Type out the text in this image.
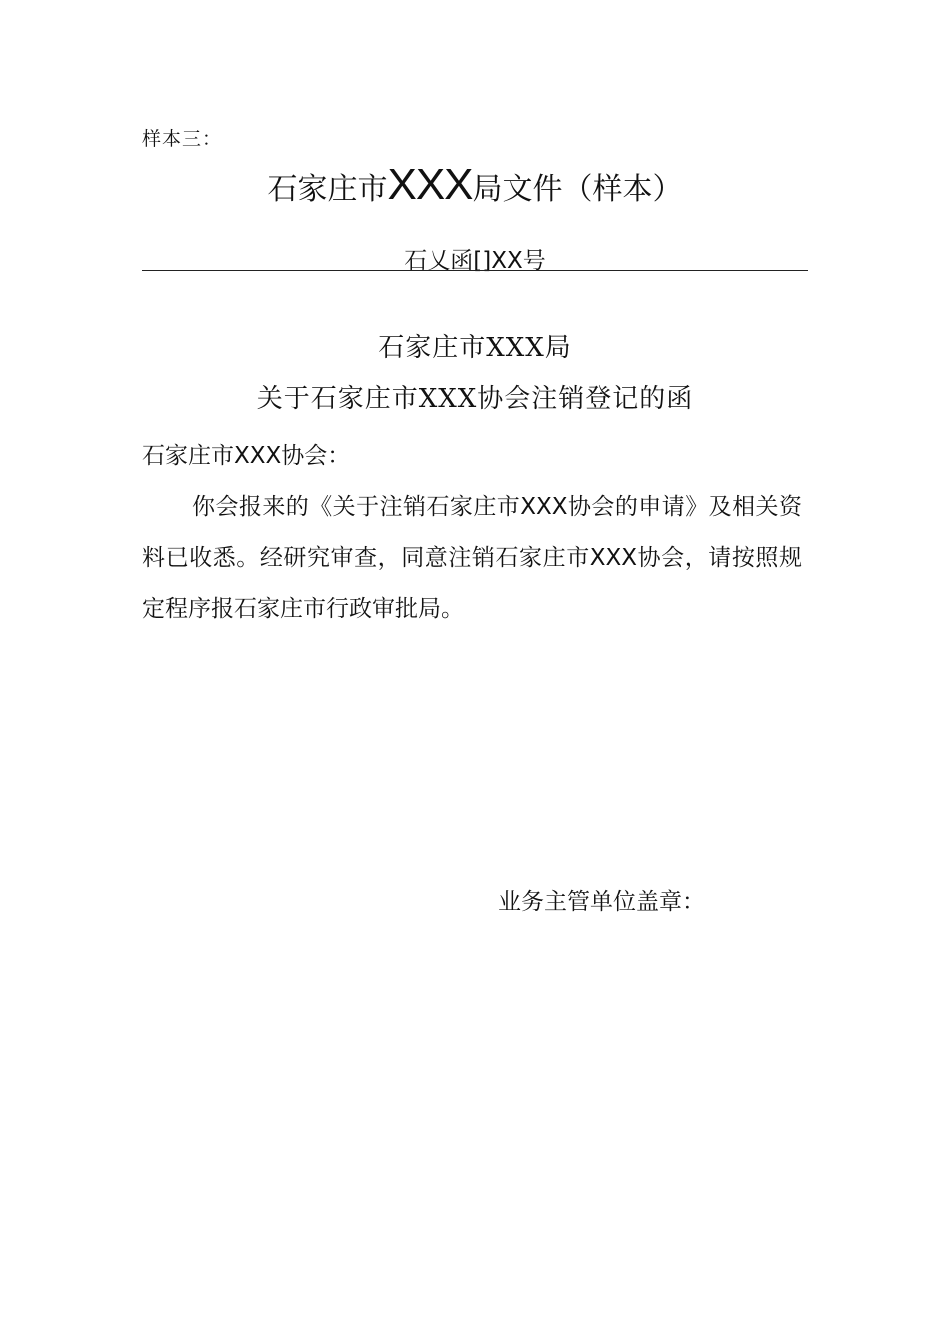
样本三：
石家庄市XXX局文件（样本）
石乂函[]XX号
石家庄市XXX局
关于石家庄市XXX协会注销登记的函
石家庄市XXX协会：
你会报来的《关于注销石家庄市XXX协会的申请》及相关资料已收悉。经研究审查，同意注销石家庄市XXX协会，请按照规定程序报石家庄市行政审批局。
业务主管单位盖章：
